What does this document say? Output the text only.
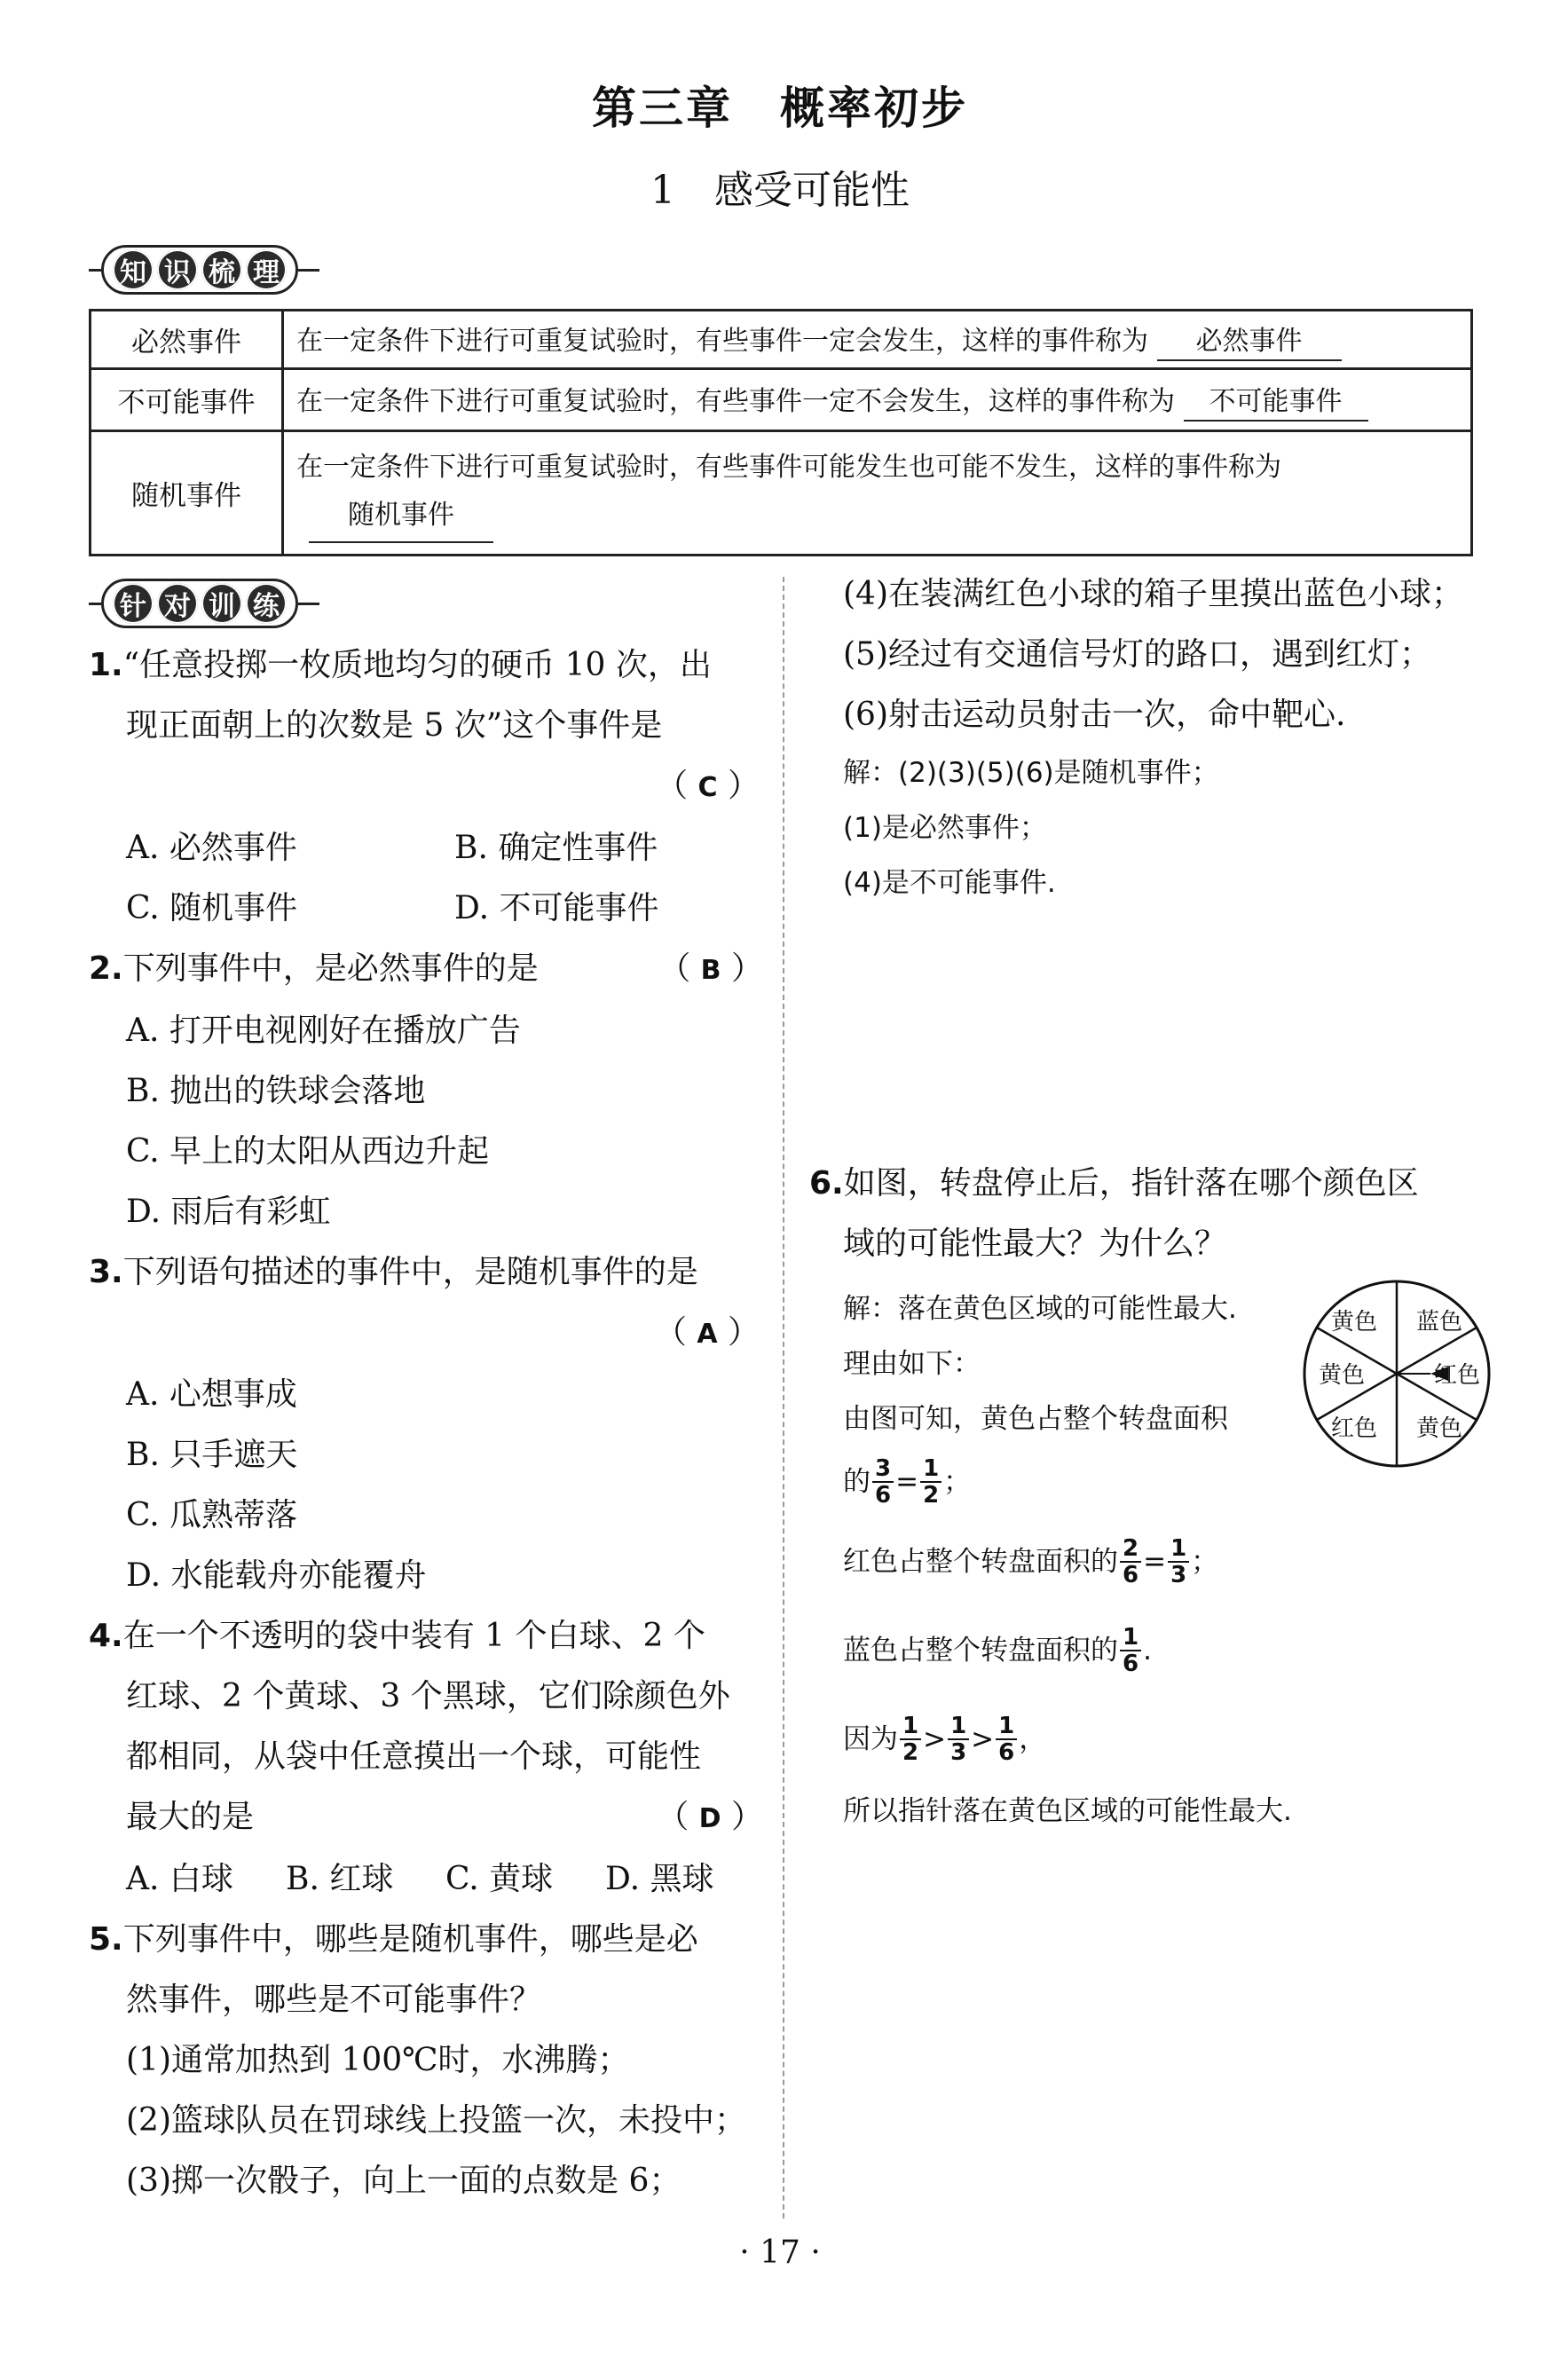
第三章　概率初步
1　感受可能性
知 识 梳 理
必然事件	在一定条件下进行可重复试验时，有些事件一定会发生，这样的事件称为 必然事件
不可能事件	在一定条件下进行可重复试验时，有些事件一定不会发生，这样的事件称为 不可能事件
随机事件	在一定条件下进行可重复试验时，有些事件可能发生也可能不发生，这样的事件称为
随机事件
针 对 训 练
1.“任意投掷一枚质地均匀的硬币 10 次，出
现正面朝上的次数是 5 次”这个事件是
（ C ）
A. 必然事件	B. 确定性事件
C. 随机事件	D. 不可能事件
2.下列事件中，是必然事件的是	（ B ）
A. 打开电视刚好在播放广告
B. 抛出的铁球会落地
C. 早上的太阳从西边升起
D. 雨后有彩虹
3.下列语句描述的事件中，是随机事件的是
（ A ）
A. 心想事成
B. 只手遮天
C. 瓜熟蒂落
D. 水能载舟亦能覆舟
4.在一个不透明的袋中装有 1 个白球、2 个
红球、2 个黄球、3 个黑球，它们除颜色外
都相同，从袋中任意摸出一个球，可能性
最大的是	（ D ）
A. 白球	B. 红球	C. 黄球	D. 黑球
5.下列事件中，哪些是随机事件，哪些是必
然事件，哪些是不可能事件？
(1)通常加热到 100℃时，水沸腾；
(2)篮球队员在罚球线上投篮一次，未投中；
(3)掷一次骰子，向上一面的点数是 6；
(4)在装满红色小球的箱子里摸出蓝色小球；
(5)经过有交通信号灯的路口，遇到红灯；
(6)射击运动员射击一次，命中靶心.
解：(2)(3)(5)(6)是随机事件；
(1)是必然事件；
(4)是不可能事件.
6.如图，转盘停止后，指针落在哪个颜色区
域的可能性最大？为什么？
解：落在黄色区域的可能性最大.
理由如下：
由图可知，黄色占整个转盘面积
的 $\frac{3}{6} = \frac{1}{2}$ ；
红色占整个转盘面积的 $\frac{2}{6} = \frac{1}{3}$ ；
蓝色占整个转盘面积的 $\frac{1}{6}$ .
因为 $\frac{1}{2} > \frac{1}{3} > \frac{1}{6}$ ，
所以指针落在黄色区域的可能性最大.
黄色 蓝色
红色
黄色
红色 黄色
· 17 ·
